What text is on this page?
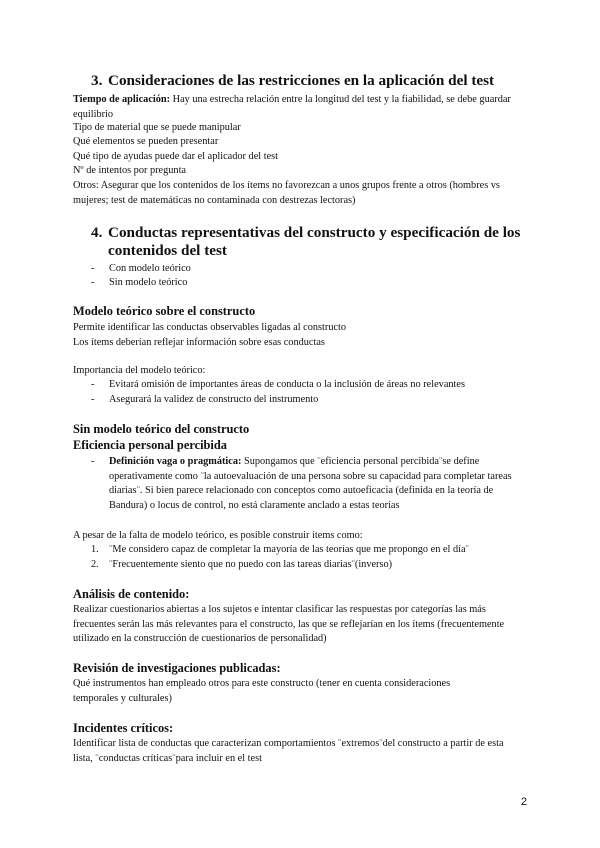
3. Consideraciones de las restricciones en la aplicación del test
Tiempo de aplicación: Hay una estrecha relación entre la longitud del test y la fiabilidad, se debe guardar equilibrio
Tipo de material que se puede manipular
Qué elementos se pueden presentar
Qué tipo de ayudas puede dar el aplicador del test
Nº de intentos por pregunta
Otros: Asegurar que los contenidos de los ítems no favorezcan a unos grupos frente a otros (hombres vs mujeres; test de matemáticas no contaminada con destrezas lectoras)
4. Conductas representativas del constructo y especificación de los
contenidos del test
- Con modelo teórico
- Sin modelo teórico
Modelo teórico sobre el constructo
Permite identificar las conductas observables ligadas al constructo
Los ítems deberían reflejar información sobre esas conductas
Importancia del modelo teórico:
- Evitará omisión de importantes áreas de conducta o la inclusión de áreas no relevantes
- Asegurará la validez de constructo del instrumento
Sin modelo teórico del constructo
Eficiencia personal percibida
- Definición vaga o pragmática: Supongamos que ¨eficiencia personal percibida¨se define operativamente como ¨la autoevaluación de una persona sobre su capacidad para completar tareas diarias¨. Si bien parece relacionado con conceptos como autoeficacia (definida en la teoría de Bandura) o locus de control, no está claramente anclado a estas teorías
A pesar de la falta de modelo teórico, es posible construir ítems como:
1. ¨Me considero capaz de completar la mayoría de las teorías que me propongo en el día¨
2. ¨Frecuentemente siento que no puedo con las tareas diarias¨(inverso)
Análisis de contenido:
Realizar cuestionarios abiertas a los sujetos e intentar clasificar las respuestas por categorías las más frecuentes serán las más relevantes para el constructo, las que se reflejarían en los ítems (frecuentemente utilizado en la construcción de cuestionarios de personalidad)
Revisión de investigaciones publicadas:
Qué instrumentos han empleado otros para este constructo (tener en cuenta consideraciones temporales y culturales)
Incidentes críticos:
Identificar lista de conductas que caracterizan comportamientos ¨extremos¨del constructo a partir de esta lista, ¨conductas críticas¨para incluir en el test
2
